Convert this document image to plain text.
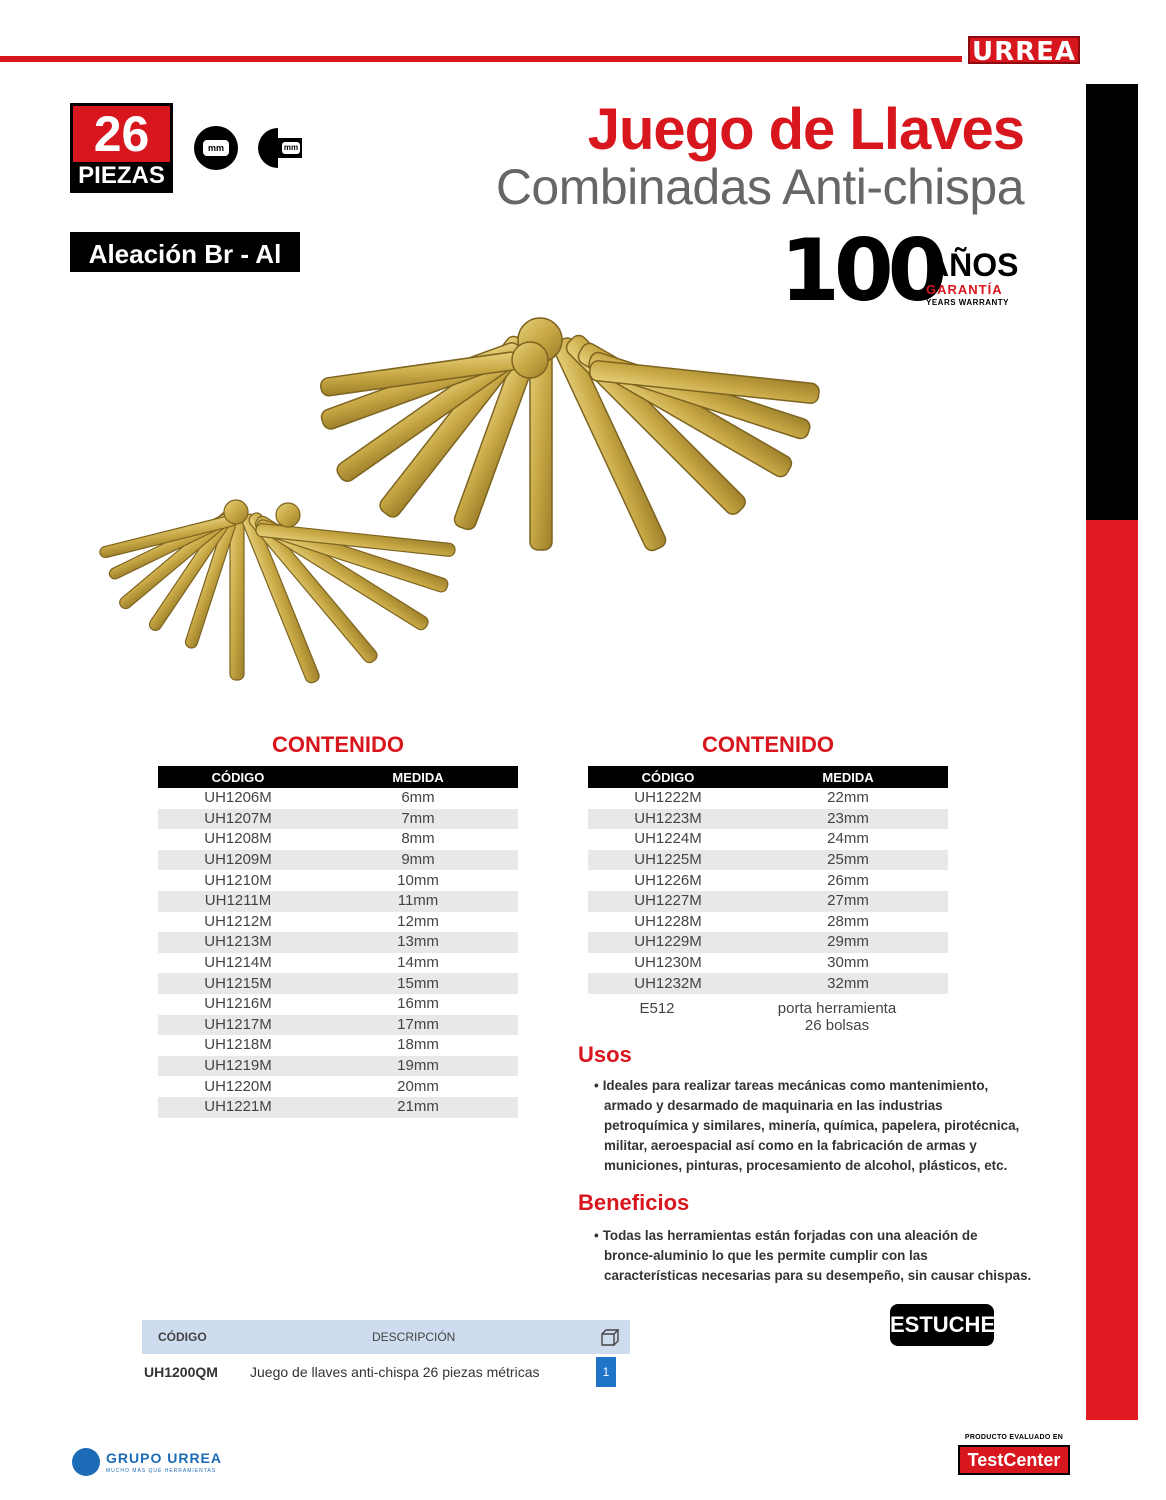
URREA
26
PIEZAS
mm	mm
Aleación Br - Al
Juego de Llaves
Combinadas Anti-chispa
100
AÑOS
GARANTÍA
YEARS WARRANTY
CONTENIDO
CÓDIGO	MEDIDA
UH1206M	6mm
UH1207M	7mm
UH1208M	8mm
UH1209M	9mm
UH1210M	10mm
UH1211M	11mm
UH1212M	12mm
UH1213M	13mm
UH1214M	14mm
UH1215M	15mm
UH1216M	16mm
UH1217M	17mm
UH1218M	18mm
UH1219M	19mm
UH1220M	20mm
UH1221M	21mm
CONTENIDO
CÓDIGO	MEDIDA
UH1222M	22mm
UH1223M	23mm
UH1224M	24mm
UH1225M	25mm
UH1226M	26mm
UH1227M	27mm
UH1228M	28mm
UH1229M	29mm
UH1230M	30mm
UH1232M	32mm
E512	porta herramienta
26 bolsas
Usos
• Ideales para realizar tareas mecánicas como mantenimiento,
armado y desarmado de maquinaria en las industrias
petroquímica y similares, minería, química, papelera, pirotécnica,
militar, aeroespacial así como en la fabricación de armas y
municiones, pinturas, procesamiento de alcohol, plásticos, etc.
Beneficios
• Todas las herramientas están forjadas con una aleación de
bronce-aluminio lo que les permite cumplir con las
características necesarias para su desempeño, sin causar chispas.
ESTUCHE
CÓDIGO	DESCRIPCIÓN
UH1200QM	Juego de llaves anti-chispa 26 piezas métricas	1
GRUPO URREA
MUCHO MÁS QUE HERRAMIENTAS
PRODUCTO EVALUADO EN
TestCenter
